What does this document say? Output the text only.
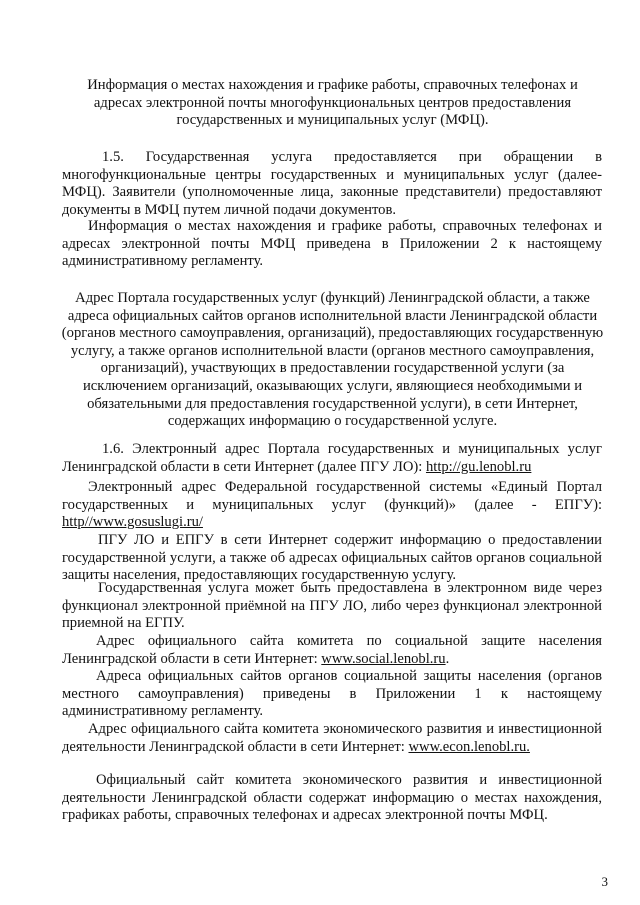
Информация о местах нахождения и графике работы, справочных телефонах и адресах электронной почты многофункциональных центров предоставления государственных и муниципальных услуг (МФЦ).
1.5. Государственная услуга предоставляется при обращении в многофункциональные центры государственных и муниципальных услуг (далее- МФЦ). Заявители (уполномоченные лица, законные представители) предоставляют документы в МФЦ путем личной подачи документов.
Информация о местах нахождения и графике работы, справочных телефонах и адресах электронной почты МФЦ приведена в Приложении 2 к настоящему административному регламенту.
Адрес Портала государственных услуг (функций) Ленинградской области, а также адреса официальных сайтов органов исполнительной власти Ленинградской области (органов местного самоуправления, организаций), предоставляющих государственную услугу, а также органов исполнительной власти (органов местного самоуправления, организаций), участвующих в предоставлении государственной услуги (за исключением организаций, оказывающих услуги, являющиеся необходимыми и обязательными для предоставления государственной услуги), в сети Интернет, содержащих информацию о государственной услуге.
1.6. Электронный адрес Портала государственных и муниципальных услуг Ленинградской области в сети Интернет (далее ПГУ ЛО): http://gu.lenobl.ru
Электронный адрес Федеральной государственной системы «Единый Портал государственных и муниципальных услуг (функций)» (далее - ЕПГУ): http//www.gosuslugi.ru/
ПГУ ЛО и ЕПГУ в сети Интернет содержит информацию о предоставлении государственной услуги, а также об адресах официальных сайтов органов социальной защиты населения, предоставляющих государственную услугу.
Государственная услуга может быть предоставлена в электронном виде через функционал электронной приёмной на ПГУ ЛО, либо через функционал электронной приемной на ЕГПУ.
Адрес официального сайта комитета по социальной защите населения Ленинградской области в сети Интернет: www.social.lenobl.ru.
Адреса официальных сайтов органов социальной защиты населения (органов местного самоуправления) приведены в Приложении 1 к настоящему административному регламенту.
Адрес официального сайта комитета экономического развития и инвестиционной деятельности Ленинградской области в сети Интернет: www.econ.lenobl.ru.
Официальный сайт комитета экономического развития и инвестиционной деятельности Ленинградской области содержат информацию о местах нахождения, графиках работы, справочных телефонах и адресах электронной почты МФЦ.
3
